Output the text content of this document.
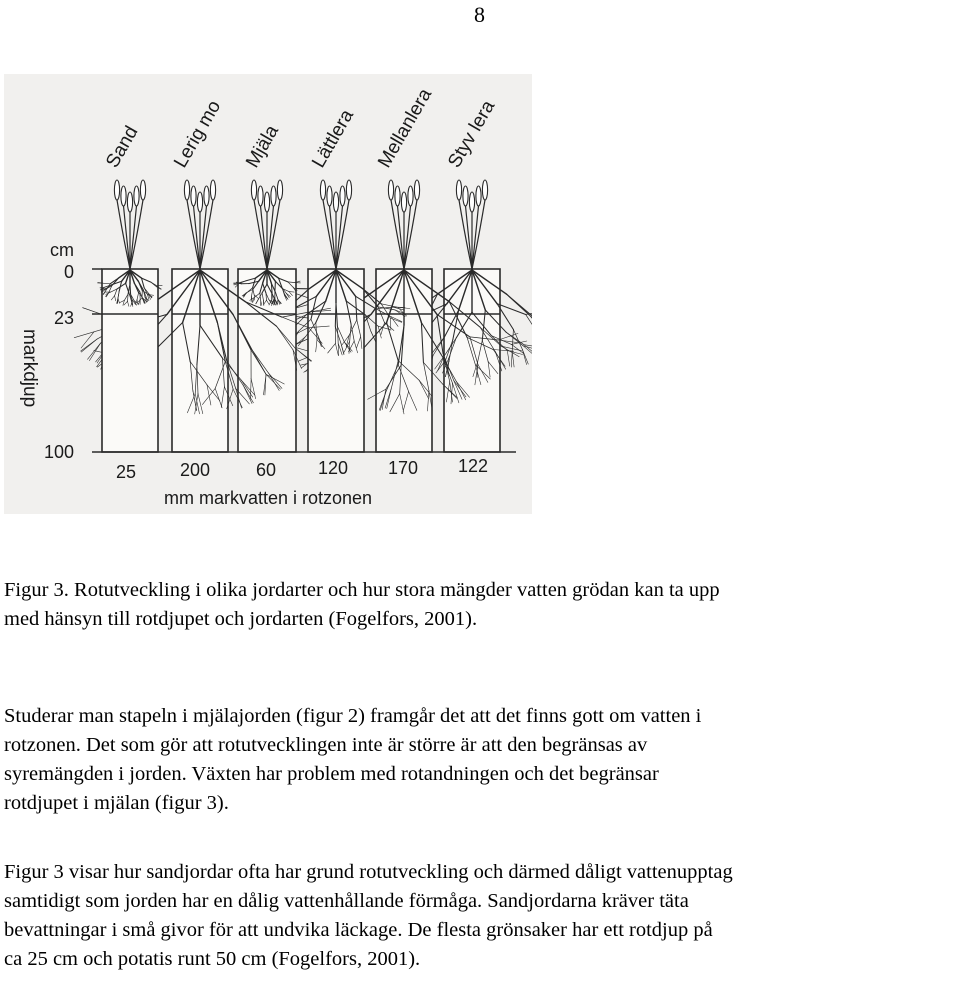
8
Sand Lerig mo Mjäla Lättlera Mellanlera Styv lera
cm
0
23
100
markdjup
25 200	60 120 170 122
mm markvatten i rotzonen
Figur 3. Rotutveckling i olika jordarter och hur stora mängder vatten grödan kan ta upp
med hänsyn till rotdjupet och jordarten (Fogelfors, 2001).
Studerar man stapeln i mjälajorden (figur 2) framgår det att det finns gott om vatten i
rotzonen. Det som gör att rotutvecklingen inte är större är att den begränsas av
syremängden i jorden. Växten har problem med rotandningen och det begränsar
rotdjupet i mjälan (figur 3).
Figur 3 visar hur sandjordar ofta har grund rotutveckling och därmed dåligt vattenupptag
samtidigt som jorden har en dålig vattenhållande förmåga. Sandjordarna kräver täta
bevattningar i små givor för att undvika läckage. De flesta grönsaker har ett rotdjup på
ca 25 cm och potatis runt 50 cm (Fogelfors, 2001).
